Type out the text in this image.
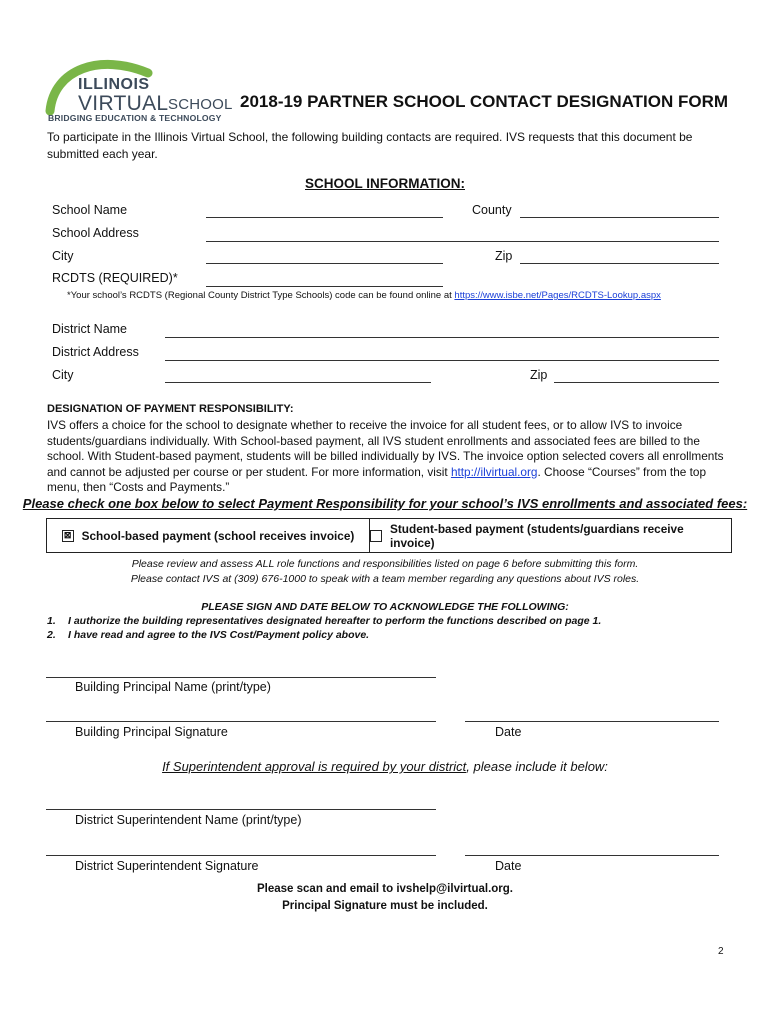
ILLINOIS
VIRTUAL SCHOOL
BRIDGING EDUCATION & TECHNOLOGY
2018-19 PARTNER SCHOOL CONTACT DESIGNATION FORM
To participate in the Illinois Virtual School, the following building contacts are required. IVS requests that this document be submitted each year.
SCHOOL INFORMATION:
School Name	County
School Address
City	Zip
RCDTS (REQUIRED)*
*Your school’s RCDTS (Regional County District Type Schools) code can be found online at https://www.isbe.net/Pages/RCDTS-Lookup.aspx
District Name
District Address
City	Zip
DESIGNATION OF PAYMENT RESPONSIBILITY:
IVS offers a choice for the school to designate whether to receive the invoice for all student fees, or to allow IVS to invoice students/guardians individually. With School-based payment, all IVS student enrollments and associated fees are billed to the school. With Student-based payment, students will be billed individually by IVS. The invoice option selected covers all enrollments and cannot be adjusted per course or per student. For more information, visit http://ilvirtual.org. Choose “Courses” from the top menu, then “Costs and Payments.”
Please check one box below to select Payment Responsibility for your school’s IVS enrollments and associated fees:
⊠ School-based payment (school receives invoice)	Student-based payment (students/guardians receive invoice)
Please review and assess ALL role functions and responsibilities listed on page 6 before submitting this form.
Please contact IVS at (309) 676-1000 to speak with a team member regarding any questions about IVS roles.
PLEASE SIGN AND DATE BELOW TO ACKNOWLEDGE THE FOLLOWING:
1. I authorize the building representatives designated hereafter to perform the functions described on page 1.
2. I have read and agree to the IVS Cost/Payment policy above.
Building Principal Name (print/type)
Building Principal Signature	Date
If Superintendent approval is required by your district, please include it below:
District Superintendent Name (print/type)
District Superintendent Signature	Date
Please scan and email to ivshelp@ilvirtual.org.
Principal Signature must be included.
2
